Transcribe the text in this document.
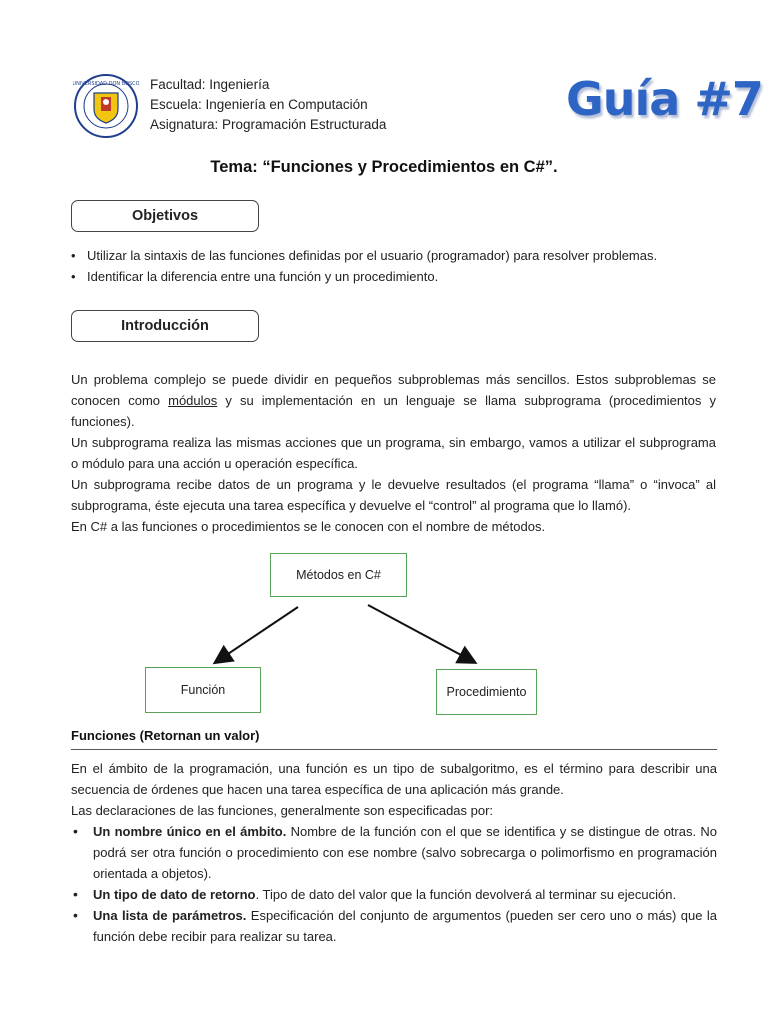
UNIVERSIDAD DON BOSCO Facultad: Ingeniería
Escuela: Ingeniería en Computación
Asignatura: Programación Estructurada	Guía #7
Tema: “Funciones y Procedimientos en C#”.
Objetivos
• Utilizar la sintaxis de las funciones definidas por el usuario (programador) para resolver problemas.
• Identificar la diferencia entre una función y un procedimiento.
Introducción

Un problema complejo se puede dividir en pequeños subproblemas más sencillos. Estos subproblemas se conocen como módulos y su implementación en un lenguaje se llama subprograma (procedimientos y funciones).

Un subprograma realiza las mismas acciones que un programa, sin embargo, vamos a utilizar el subprograma o módulo para una acción u operación específica.

Un subprograma recibe datos de un programa y le devuelve resultados (el programa “llama” o “invoca” al subprograma, éste ejecuta una tarea específica y devuelve el “control” al programa que lo llamó).

En C# a las funciones o procedimientos se le conocen con el nombre de métodos.

Métodos en C#
Función	Procedimiento
Funciones (Retornan un valor)

En el ámbito de la programación, una función es un tipo de subalgoritmo, es el término para describir una secuencia de órdenes que hacen una tarea específica de una aplicación más grande.

Las declaraciones de las funciones, generalmente son especificadas por:

• Un nombre único en el ámbito. Nombre de la función con el que se identifica y se distingue de otras. No podrá ser otra función o procedimiento con ese nombre (salvo sobrecarga o polimorfismo en programación orientada a objetos).
• Un tipo de dato de retorno. Tipo de dato del valor que la función devolverá al terminar su ejecución.
• Una lista de parámetros. Especificación del conjunto de argumentos (pueden ser cero uno o más) que la función debe recibir para realizar su tarea.
